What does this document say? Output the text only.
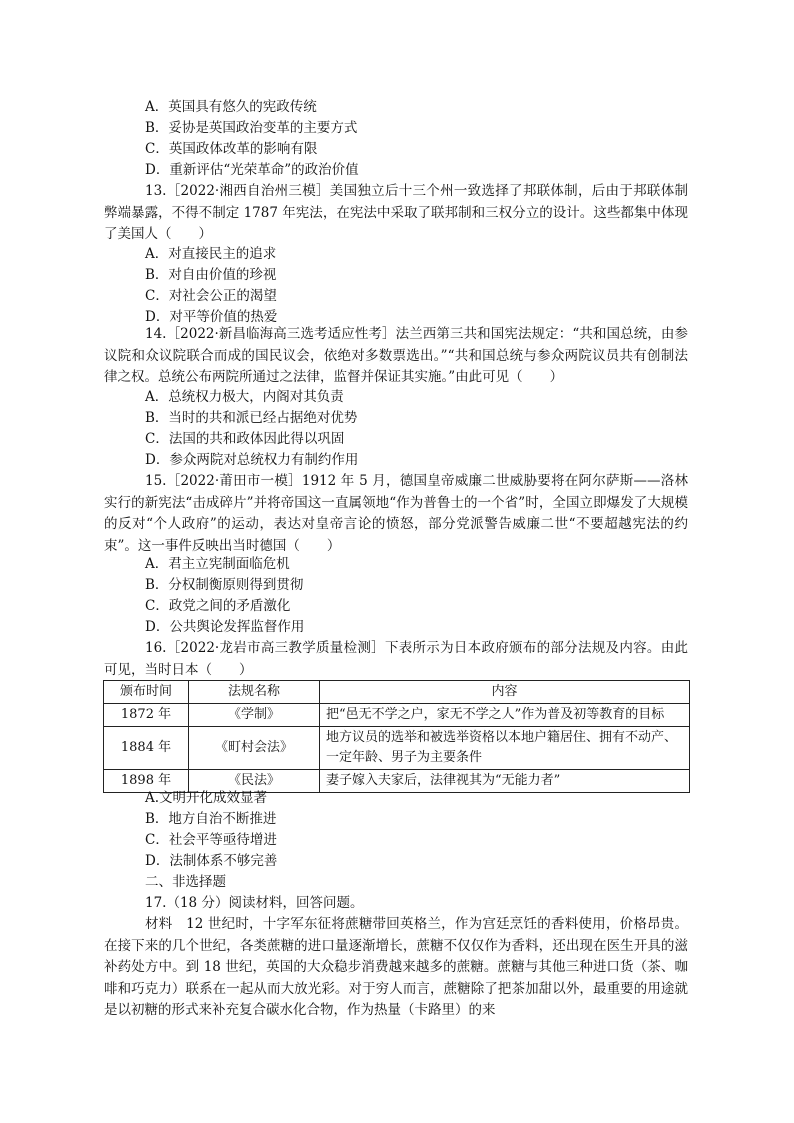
A．英国具有悠久的宪政传统
B．妥协是英国政治变革的主要方式
C．英国政体改革的影响有限
D．重新评估“光荣革命”的政治价值
13.［2022·湘西自治州三模］美国独立后十三个州一致选择了邦联体制，后由于邦联体制弊端暴露，不得不制定 1787 年宪法，在宪法中采取了联邦制和三权分立的设计。这些都集中体现了美国人（　　）
A．对直接民主的追求
B．对自由价值的珍视
C．对社会公正的渴望
D．对平等价值的热爱
14.［2022·新昌临海高三选考适应性考］法兰西第三共和国宪法规定：“共和国总统，由参议院和众议院联合而成的国民议会，依绝对多数票选出。”“共和国总统与参众两院议员共有创制法律之权。总统公布两院所通过之法律，监督并保证其实施。”由此可见（　　）
A．总统权力极大，内阁对其负责
B．当时的共和派已经占据绝对优势
C．法国的共和政体因此得以巩固
D．参众两院对总统权力有制约作用
15.［2022·莆田市一模］1912 年 5 月，德国皇帝威廉二世威胁要将在阿尔萨斯——洛林实行的新宪法“击成碎片”并将帝国这一直属领地“作为普鲁士的一个省”时，全国立即爆发了大规模的反对“个人政府”的运动，表达对皇帝言论的愤怒，部分党派警告威廉二世“不要超越宪法的约束”。这一事件反映出当时德国（　　）
A．君主立宪制面临危机
B．分权制衡原则得到贯彻
C．政党之间的矛盾激化
D．公共舆论发挥监督作用
16.［2022·龙岩市高三教学质量检测］下表所示为日本政府颁布的部分法规及内容。由此可见，当时日本（　　）
颁布时间	法规名称	内容
1872 年	《学制》	把“邑无不学之户，家无不学之人”作为普及初等教育的目标
1884 年	《町村会法》	地方议员的选举和被选举资格以本地户籍居住、拥有不动产、一定年龄、男子为主要条件
1898 年	《民法》	妻子嫁入夫家后，法律视其为“无能力者”
A.文明开化成效显著
B．地方自治不断推进
C．社会平等亟待增进
D．法制体系不够完善
二、非选择题
17.（18 分）阅读材料，回答问题。
材料　12 世纪时，十字军东征将蔗糖带回英格兰，作为宫廷烹饪的香料使用，价格昂贵。在接下来的几个世纪，各类蔗糖的进口量逐渐增长，蔗糖不仅仅作为香料，还出现在医生开具的滋补药处方中。到 18 世纪，英国的大众稳步消费越来越多的蔗糖。蔗糖与其他三种进口货（茶、咖啡和巧克力）联系在一起从而大放光彩。对于穷人而言，蔗糖除了把茶加甜以外，最重要的用途就是以初糖的形式来补充复合碳水化合物，作为热量（卡路里）的来
